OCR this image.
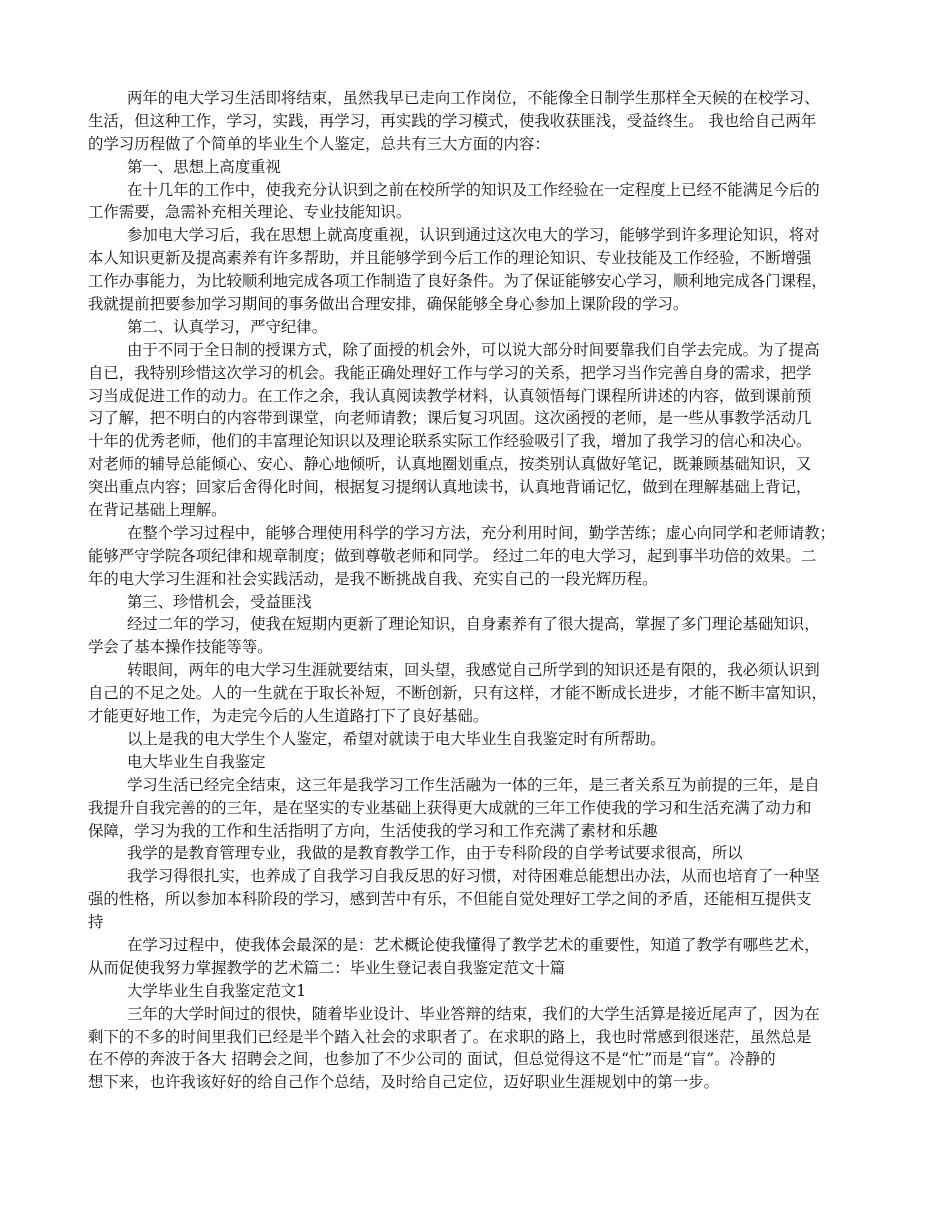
两年的电大学习生活即将结束，虽然我早已走向工作岗位，不能像全日制学生那样全天候的在校学习、
生活，但这种工作，学习，实践，再学习，再实践的学习模式，使我收获匪浅，受益终生。 我也给自己两年
的学习历程做了个简单的毕业生个人鉴定，总共有三大方面的内容：
第一、思想上高度重视
在十几年的工作中，使我充分认识到之前在校所学的知识及工作经验在一定程度上已经不能满足今后的
工作需要，急需补充相关理论、专业技能知识。
参加电大学习后，我在思想上就高度重视，认识到通过这次电大的学习，能够学到许多理论知识，将对
本人知识更新及提高素养有许多帮助，并且能够学到今后工作的理论知识、专业技能及工作经验，不断增强
工作办事能力，为比较顺利地完成各项工作制造了良好条件。为了保证能够安心学习，顺利地完成各门课程，
我就提前把要参加学习期间的事务做出合理安排，确保能够全身心参加上课阶段的学习。
第二、认真学习，严守纪律。
由于不同于全日制的授课方式，除了面授的机会外，可以说大部分时间要靠我们自学去完成。为了提高
自已，我特别珍惜这次学习的机会。我能正确处理好工作与学习的关系，把学习当作完善自身的需求，把学
习当成促进工作的动力。在工作之余，我认真阅读教学材料，认真领悟每门课程所讲述的内容，做到课前预
习了解，把不明白的内容带到课堂，向老师请教；课后复习巩固。这次函授的老师，是一些从事教学活动几
十年的优秀老师，他们的丰富理论知识以及理论联系实际工作经验吸引了我，增加了我学习的信心和决心。
对老师的辅导总能倾心、安心、静心地倾听，认真地圈划重点，按类别认真做好笔记，既兼顾基础知识，又
突出重点内容；回家后舍得化时间，根据复习提纲认真地读书，认真地背诵记忆，做到在理解基础上背记，
在背记基础上理解。
在整个学习过程中，能够合理使用科学的学习方法，充分利用时间，勤学苦练；虚心向同学和老师请教；
能够严守学院各项纪律和规章制度；做到尊敬老师和同学。 经过二年的电大学习，起到事半功倍的效果。二
年的电大学习生涯和社会实践活动，是我不断挑战自我、充实自己的一段光辉历程。
第三、珍惜机会，受益匪浅
经过二年的学习，使我在短期内更新了理论知识，自身素养有了很大提高，掌握了多门理论基础知识，
学会了基本操作技能等等。
转眼间，两年的电大学习生涯就要结束，回头望，我感觉自己所学到的知识还是有限的，我必须认识到
自己的不足之处。人的一生就在于取长补短，不断创新，只有这样，才能不断成长进步，才能不断丰富知识，
才能更好地工作，为走完今后的人生道路打下了良好基础。
以上是我的电大学生个人鉴定，希望对就读于电大毕业生自我鉴定时有所帮助。
电大毕业生自我鉴定
学习生活已经完全结束，这三年是我学习工作生活融为一体的三年，是三者关系互为前提的三年，是自
我提升自我完善的的三年，是在坚实的专业基础上获得更大成就的三年工作使我的学习和生活充满了动力和
保障，学习为我的工作和生活指明了方向，生活使我的学习和工作充满了素材和乐趣
我学的是教育管理专业，我做的是教育教学工作，由于专科阶段的自学考试要求很高，所以
我学习得很扎实，也养成了自我学习自我反思的好习惯，对待困难总能想出办法，从而也培育了一种坚
强的性格，所以参加本科阶段的学习，感到苦中有乐，不但能自觉处理好工学之间的矛盾，还能相互提供支
持
在学习过程中，使我体会最深的是：艺术概论使我懂得了教学艺术的重要性，知道了教学有哪些艺术，
从而促使我努力掌握教学的艺术篇二：毕业生登记表自我鉴定范文十篇
大学毕业生自我鉴定范文1
三年的大学时间过的很快，随着毕业设计、毕业答辩的结束，我们的大学生活算是接近尾声了，因为在
剩下的不多的时间里我们已经是半个踏入社会的求职者了。在求职的路上，我也时常感到很迷茫，虽然总是
在不停的奔波于各大 招聘会之间，也参加了不少公司的 面试，但总觉得这不是“忙”而是“盲”。冷静的
想下来，也许我该好好的给自己作个总结，及时给自己定位，迈好职业生涯规划中的第一步。
